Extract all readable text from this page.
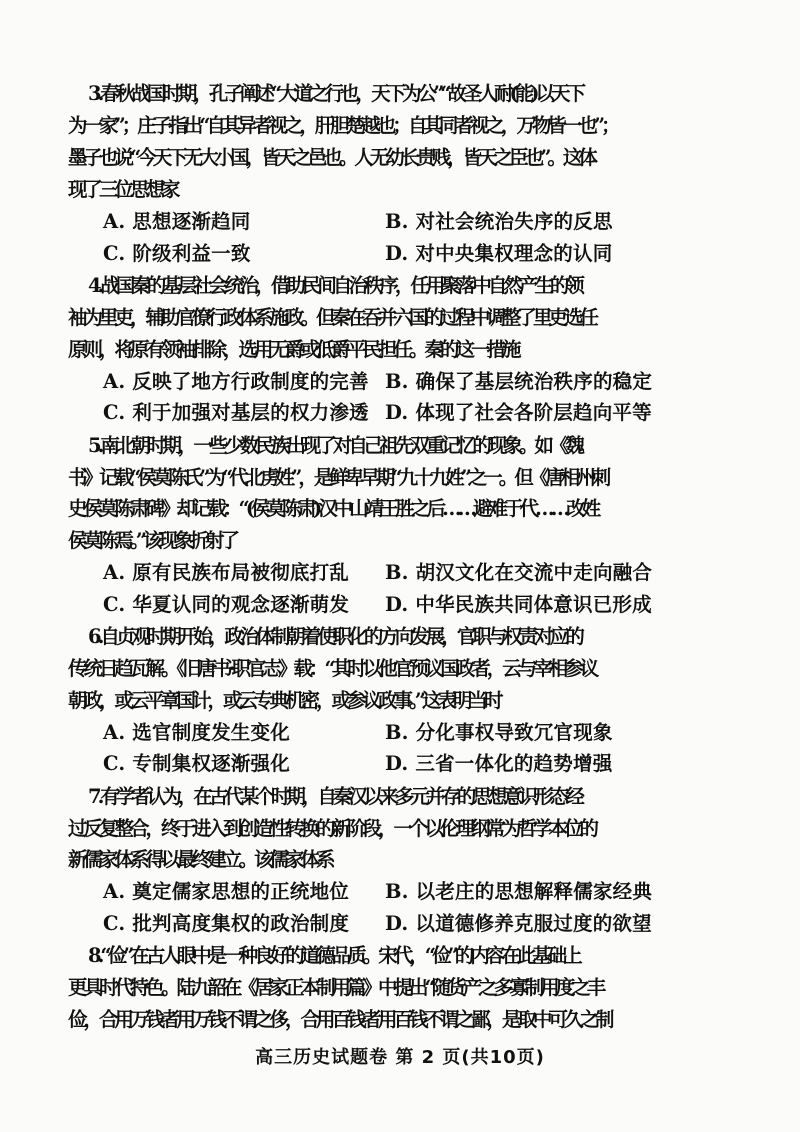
3.春秋战国时期，孔子阐述“大道之行也，天下为公”“故圣人耐(能)以天下
为一家”；庄子指出“自其异者视之，肝胆楚越也；自其同者视之，万物皆一也”；
墨子也说“今天下无大小国，皆天之邑也。人无幼长贵贱，皆天之臣也”。这体
现了三位思想家
A. 思想逐渐趋同	B. 对社会统治失序的反思
C. 阶级利益一致	D. 对中央集权理念的认同
4.战国秦的基层社会统治，借助民间自治秩序，任用聚落中自然产生的领
袖为里吏，辅助官僚行政体系施政。但秦在吞并六国的过程中调整了里吏选任
原则，将原有领袖排除，选用无爵或低爵平民担任。秦的这一措施
A. 反映了地方行政制度的完善 B. 确保了基层统治秩序的稳定
C. 利于加强对基层的权力渗透 D. 体现了社会各阶层趋向平等
5.南北朝时期，一些少数民族出现了对自己祖先双重记忆的现象。如《魏
书》记载“侯莫陈氏”为“代北虏姓”，是鲜卑早期“九十九姓”之一。但《唐相州刺
史侯莫陈肃碑》却记载：“(侯莫陈肃)汉中山靖王胜之后……避难于代……改姓
侯莫陈焉。”该现象折射了
A. 原有民族布局被彻底打乱 B. 胡汉文化在交流中走向融合
C. 华夏认同的观念逐渐萌发 D. 中华民族共同体意识已形成
6.自贞观时期开始，政治体制朝着使职化的方向发展，官职与权责对应的
传统日趋瓦解。《旧唐书·职官志》载：“其时以他官预议国政者，云与宰相参议
朝政，或云平章国计，或云专典机密，或参议政事。”这表明当时
A. 选官制度发生变化	B. 分化事权导致冗官现象
C. 专制集权逐渐强化	D. 三省一体化的趋势增强
7.有学者认为，在古代某个时期，自秦汉以来多元并存的思想意识形态经
过反复整合，终于进入到创造性转换的新阶段，一个以伦理纲常为哲学本位的
新儒家体系得以最终建立。该儒家体系
A. 奠定儒家思想的正统地位 B. 以老庄的思想解释儒家经典
C. 批判高度集权的政治制度 D. 以道德修养克服过度的欲望
8.“俭”在古人眼中是一种良好的道德品质。宋代，“俭”的内容在此基础上
更具时代特色。陆九韶在《居家正本制用篇》中提出“随货产之多寡制用度之丰
俭，合用万钱者用万钱不谓之侈，合用百钱者用百钱不谓之鄙，是取中可久之制
高三历史试题卷 第 2 页(共10页)
